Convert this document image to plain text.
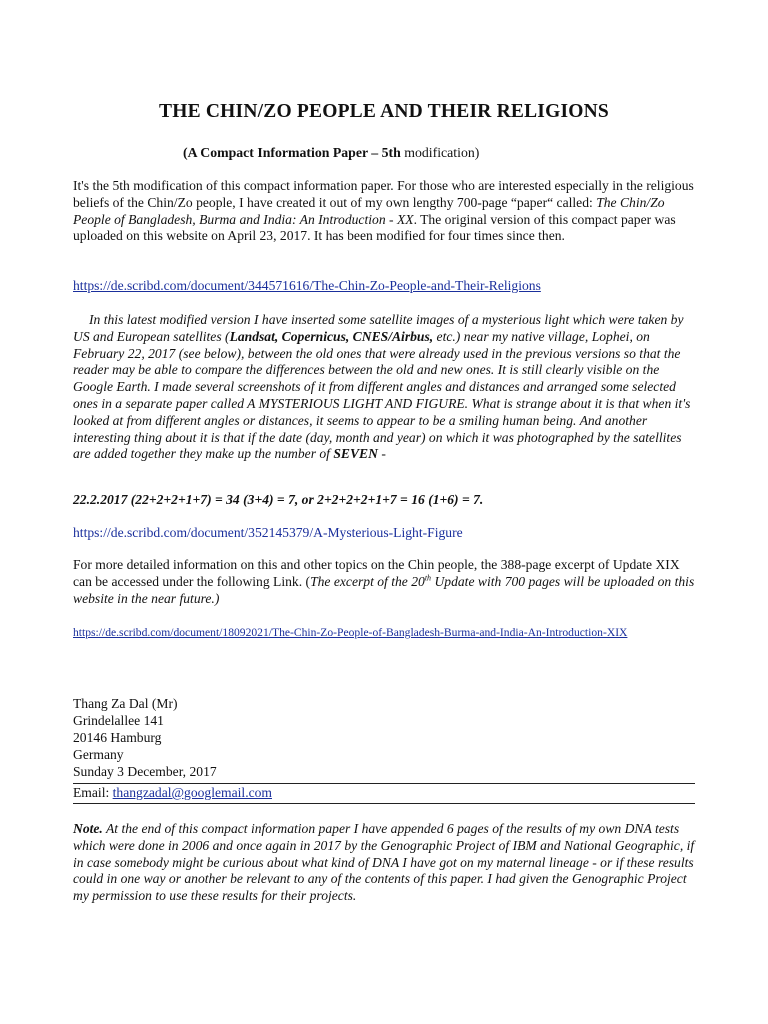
THE CHIN/ZO PEOPLE AND THEIR RELIGIONS
(A Compact Information Paper – 5th modification)

It's the 5th modification of this compact information paper. For those who are interested especially in the religious beliefs of the Chin/Zo people, I have created it out of my own lengthy 700-page “paper“ called: The Chin/Zo People of Bangladesh, Burma and India: An Introduction - XX. The original version of this compact paper was uploaded on this website on April 23, 2017. It has been modified for four times since then.

https://de.scribd.com/document/344571616/The-Chin-Zo-People-and-Their-Religions

In this latest modified version I have inserted some satellite images of a mysterious light which were taken by US and European satellites (Landsat, Copernicus, CNES/Airbus, etc.) near my native village, Lophei, on February 22, 2017 (see below), between the old ones that were already used in the previous versions so that the reader may be able to compare the differences between the old and new ones. It is still clearly visible on the Google Earth. I made several screenshots of it from different angles and distances and arranged some selected ones in a separate paper called A MYSTERIOUS LIGHT AND FIGURE. What is strange about it is that when it's looked at from different angles or distances, it seems to appear to be a smiling human being. And another interesting thing about it is that if the date (day, month and year) on which it was photographed by the satellites are added together they make up the number of SEVEN -

22.2.2017 (22+2+2+1+7) = 34 (3+4) = 7, or 2+2+2+2+1+7 = 16 (1+6) = 7.
https://de.scribd.com/document/352145379/A-Mysterious-Light-Figure

For more detailed information on this and other topics on the Chin people, the 388-page excerpt of Update XIX can be accessed under the following Link. (The excerpt of the 20th Update with 700 pages will be uploaded on this website in the near future.)

https://de.scribd.com/document/18092021/The-Chin-Zo-People-of-Bangladesh-Burma-and-India-An-Introduction-XIX
Thang Za Dal (Mr)
Grindelallee 141
20146 Hamburg
Germany
Sunday 3 December, 2017
Email: thangzadal@googlemail.com

Note. At the end of this compact information paper I have appended 6 pages of the results of my own DNA tests which were done in 2006 and once again in 2017 by the Genographic Project of IBM and National Geographic, if in case somebody might be curious about what kind of DNA I have got on my maternal lineage - or if these results could in one way or another be relevant to any of the contents of this paper. I had given the Genographic Project my permission to use these results for their projects.
